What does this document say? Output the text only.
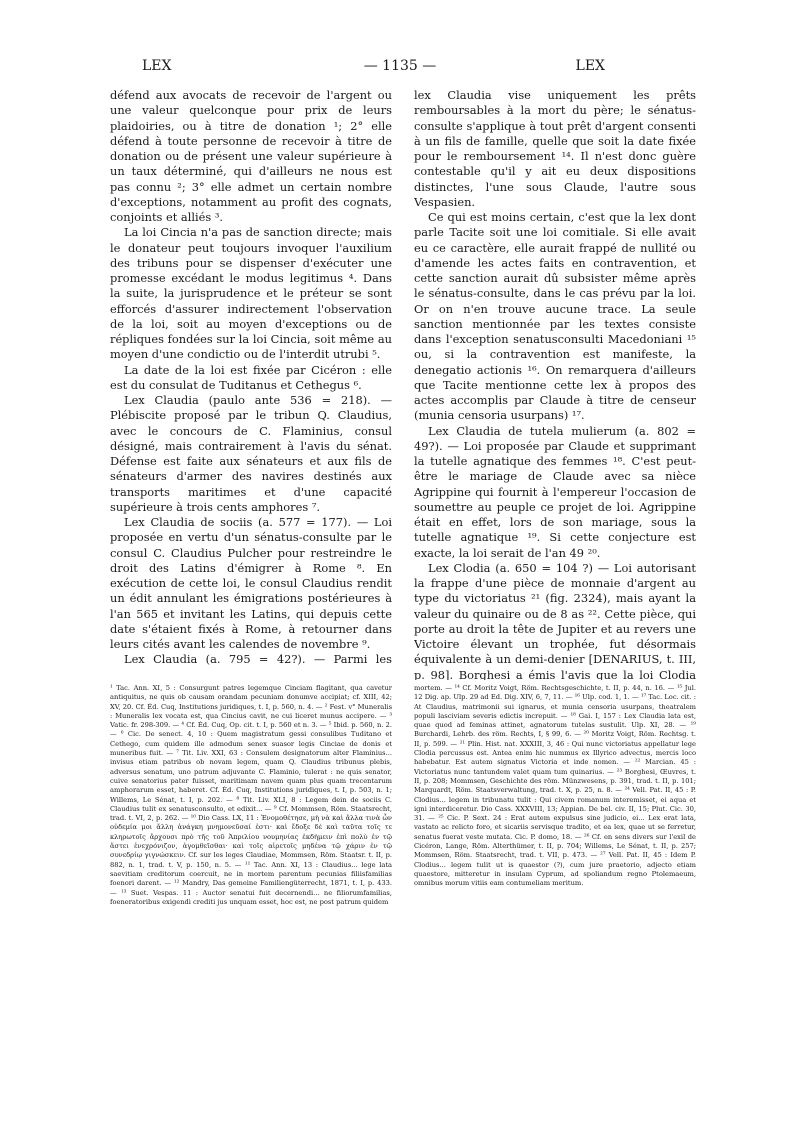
LEX	— 1135 —	LEX

défend aux avocats de recevoir de l'argent ou une valeur quelconque pour prix de leurs plaidoiries, ou à titre de donation ¹; 2° elle défend à toute personne de recevoir à titre de donation ou de présent une valeur supérieure à un taux déterminé, qui d'ailleurs ne nous est pas connu ²; 3° elle admet un certain nombre d'exceptions, notamment au profit des cognats, conjoints et alliés ³.

La loi Cincia n'a pas de sanction directe; mais le donateur peut toujours invoquer l'auxilium des tribuns pour se dispenser d'exécuter une promesse excédant le modus legitimus ⁴. Dans la suite, la jurisprudence et le préteur se sont efforcés d'assurer indirectement l'observation de la loi, soit au moyen d'exceptions ou de répliques fondées sur la loi Cincia, soit même au moyen d'une condictio ou de l'interdit utrubi ⁵.

La date de la loi est fixée par Cicéron : elle est du consulat de Tuditanus et Cethegus ⁶.

Lex Claudia (paulo ante 536 = 218). — Plébiscite proposé par le tribun Q. Claudius, avec le concours de C. Flaminius, consul désigné, mais contrairement à l'avis du sénat. Défense est faite aux sénateurs et aux fils de sénateurs d'armer des navires destinés aux transports maritimes et d'une capacité supérieure à trois cents amphores ⁷.

Lex Claudia de sociis (a. 577 = 177). — Loi proposée en vertu d'un sénatus-consulte par le consul C. Claudius Pulcher pour restreindre le droit des Latins d'émigrer à Rome ⁸. En exécution de cette loi, le consul Claudius rendit un édit annulant les émigrations postérieures à l'an 565 et invitant les Latins, qui depuis cette date s'étaient fixés à Rome, à retourner dans leurs cités avant les calendes de novembre ⁹.

Lex Claudia (a. 795 = 42?). — Parmi les

lex Claudia vise uniquement les prêts remboursables à la mort du père; le sénatus-consulte s'applique à tout prêt d'argent consenti à un fils de famille, quelle que soit la date fixée pour le remboursement ¹⁴. Il n'est donc guère contestable qu'il y ait eu deux dispositions distinctes, l'une sous Claude, l'autre sous Vespasien.

Ce qui est moins certain, c'est que la lex dont parle Tacite soit une loi comitiale. Si elle avait eu ce caractère, elle aurait frappé de nullité ou d'amende les actes faits en contravention, et cette sanction aurait dû subsister même après le sénatus-consulte, dans le cas prévu par la loi. Or on n'en trouve aucune trace. La seule sanction mentionnée par les textes consiste dans l'exception senatusconsulti Macedoniani ¹⁵ ou, si la contravention est manifeste, la denegatio actionis ¹⁶. On remarquera d'ailleurs que Tacite mentionne cette lex à propos des actes accomplis par Claude à titre de censeur (munia censoria usurpans) ¹⁷.

Lex Claudia de tutela mulierum (a. 802 = 49?). — Loi proposée par Claude et supprimant la tutelle agnatique des femmes ¹⁸. C'est peut-être le mariage de Claude avec sa nièce Agrippine qui fournit à l'empereur l'occasion de soumettre au peuple ce projet de loi. Agrippine était en effet, lors de son mariage, sous la tutelle agnatique ¹⁹. Si cette conjecture est exacte, la loi serait de l'an 49 ²⁰.

Lex Clodia (a. 650 = 104 ?) — Loi autorisant la frappe d'une pièce de monnaie d'argent au type du victoriatus ²¹ (fig. 2324), mais ayant la valeur du quinaire ou de 8 as ²². Cette pièce, qui porte au droit la tête de Jupiter et au revers une Victoire élevant un trophée, fut désormais équivalente à un demi-denier [DENARIUS, t. III, p. 98]. Borghesi a émis l'avis que la loi Clodia

¹ Tac. Ann. XI, 5 : Consurgunt patres legemque Cinciam flagitant, qua cavetur antiquitus, ne quis ob causam orandam pecuniam donumve accipiat; cf. XIII, 42; XV, 20. Cf. Éd. Cuq, Institutions juridiques, t. I, p. 560, n. 4. — ² Fest. v° Muneralis : Muneralis lex vocata est, qua Cincius cavit, ne cui liceret munus accipere. — ³ Vatic. fr. 298-309. — ⁴ Cf. Éd. Cuq, Op. cit. t. I, p. 560 et n. 3. — ⁵ Ibid. p. 560, n. 2. — ⁶ Cic. De senect. 4, 10 : Quem magistratum gessi consulibus Tuditano et Cethego, cum quidem ille admodum senex suasor legis Cinciae de donis et muneribus fuit. — ⁷ Tit. Liv. XXI, 63 : Consulem designatorum alter Flaminius... invisus etiam patribus ob novam legem, quam Q. Claudius tribunus plebis, adversus senatum, uno patrum adjuvante C. Flaminio, tulerat : ne quis senator, cuive senatorius pater fuisset, maritimam navem quam plus quam trecentarum amphorarum esset, haberet. Cf. Éd. Cuq, Institutions juridiques, t. I, p. 503, n. 1; Willems, Le Sénat, t. I, p. 202. — ⁸ Tit. Liv. XLI, 8 : Legem dein de sociis C. Claudius tulit ex senatusconsulto, et edixit... — ⁹ Cf. Mommsen, Röm. Staatsrecht, trad. t. VI, 2, p. 262. — ¹⁰ Dio Cass. LX, 11 : Ἐνομοθέτησε, μὴ νὰ καὶ ἄλλα τινὰ ὧν οὐδεμία μοι ἄλλη ἀνάγκη μνημονεῦσαί ἐστι· καὶ ἔδοξε δὲ καὶ ταῦτα τοῖς τε κληρωτοῖς ἄρχουσι πρὸ τῆς τοῦ Ἀπριλίου νουμηνίας ἐκδήμειν ἐπὶ πολὺ ἐν τῷ ἄστει ἐνεχρόνιζον, ἀγομθεῖσθαι· καὶ τοῖς αἱρετοῖς μηδένα τῷ χάριν ἐν τῷ συνεδρίῳ γιγνώσκειν. Cf. sur les leges Claudiae, Mommsen, Röm. Staatsr. t. II, p. 882, n. 1, trad. t. V, p. 150, n. 5. — ¹¹ Tac. Ann. XI, 13 : Claudius... lege lata saevitiam creditorum coercuit, ne in mortem parentum pecunias filiisfamilias foenori darent. — ¹² Mandry, Das gemeine Familiengüterrecht, 1871, t. I, p. 433. — ¹³ Suet. Vespas. 11 : Auctor senatui fuit decernendi... ne filiorumfamilias, foeneratoribus exigendi crediti jus unquam esset, hoc est, ne post patrum quidem

mortem. — ¹⁴ Cf. Moritz Voigt, Röm. Rechtsgeschichte, t. II, p. 44, n. 16. — ¹⁵ Jul. 12 Dig. ap. Ulp. 29 ad Ed. Dig. XIV, 6, 7, 11. — ¹⁶ Ulp. cod. 1, 1. — ¹⁷ Tac. Loc. cit. : At Claudius, matrimonii sui ignarus, et munia censoria usurpans, theatralem populi lasciviam severis edictis increpuit. — ¹⁸ Gai. I, 157 : Lex Claudia lata est, quae quod ad feminas attinet, agnatorum tutelas sustulit. Ulp. XI, 28. — ¹⁹ Burchardi, Lehrb. des röm. Rechts, I, § 99, 6. — ²⁰ Moritz Voigt, Röm. Rechtsg. t. II, p. 599. — ²¹ Plin. Hist. nat. XXXIII, 3, 46 : Qui nunc victoriatus appellatur lege Clodia percussus est. Antea enim hic nummus ex Illyrico advectus, mercis loco habebatur. Est autem signatus Victoria et inde nomen. — ²² Marcian. 45 : Victoriatus nunc tantundem valet quam tum quinarius. — ²³ Borghesi, Œuvres, t. II, p. 208; Mommsen, Geschichte des röm. Münzwesens, p. 391, trad. t. II, p. 101; Marquardt, Röm. Staatsverwaltung, trad. t. X, p. 25, n. 8. — ²⁴ Vell. Pat. II, 45 : P. Clodius... legem in tribunatu tulit : Qui civem romanum interemisset, ei aqua et igni interdiceretur. Dio Cass. XXXVIII, 13; Appian. De bel. civ. II, 15; Plut. Cic. 30, 31. — ²⁵ Cic. P. Sext. 24 : Erat autem expulsus sine judicio, ei... Lex erat lata, vastato ac relicto foro, et sicariis servisque tradito, et ea lex, quae ut se ferretur, senatus fuerat veste mutata. Cic. P. domo, 18. — ²⁶ Cf. en sens divers sur l'exil de Cicéron, Lange, Röm. Alterthümer, t. II, p. 704; Willems, Le Sénat, t. II, p. 257; Mommsen, Röm. Staatsrecht, trad. t. VII, p. 473. — ²⁷ Vell. Pat. II, 45 : Idem P. Clodius... legem tulit ut is quaestor (?), cum jure praetorio, adjecto etiam quaestore, mitteretur in insulam Cyprum, ad spoliandum regno Ptolemaeum, omnibus morum vitiis eam contumeliam meritum.
